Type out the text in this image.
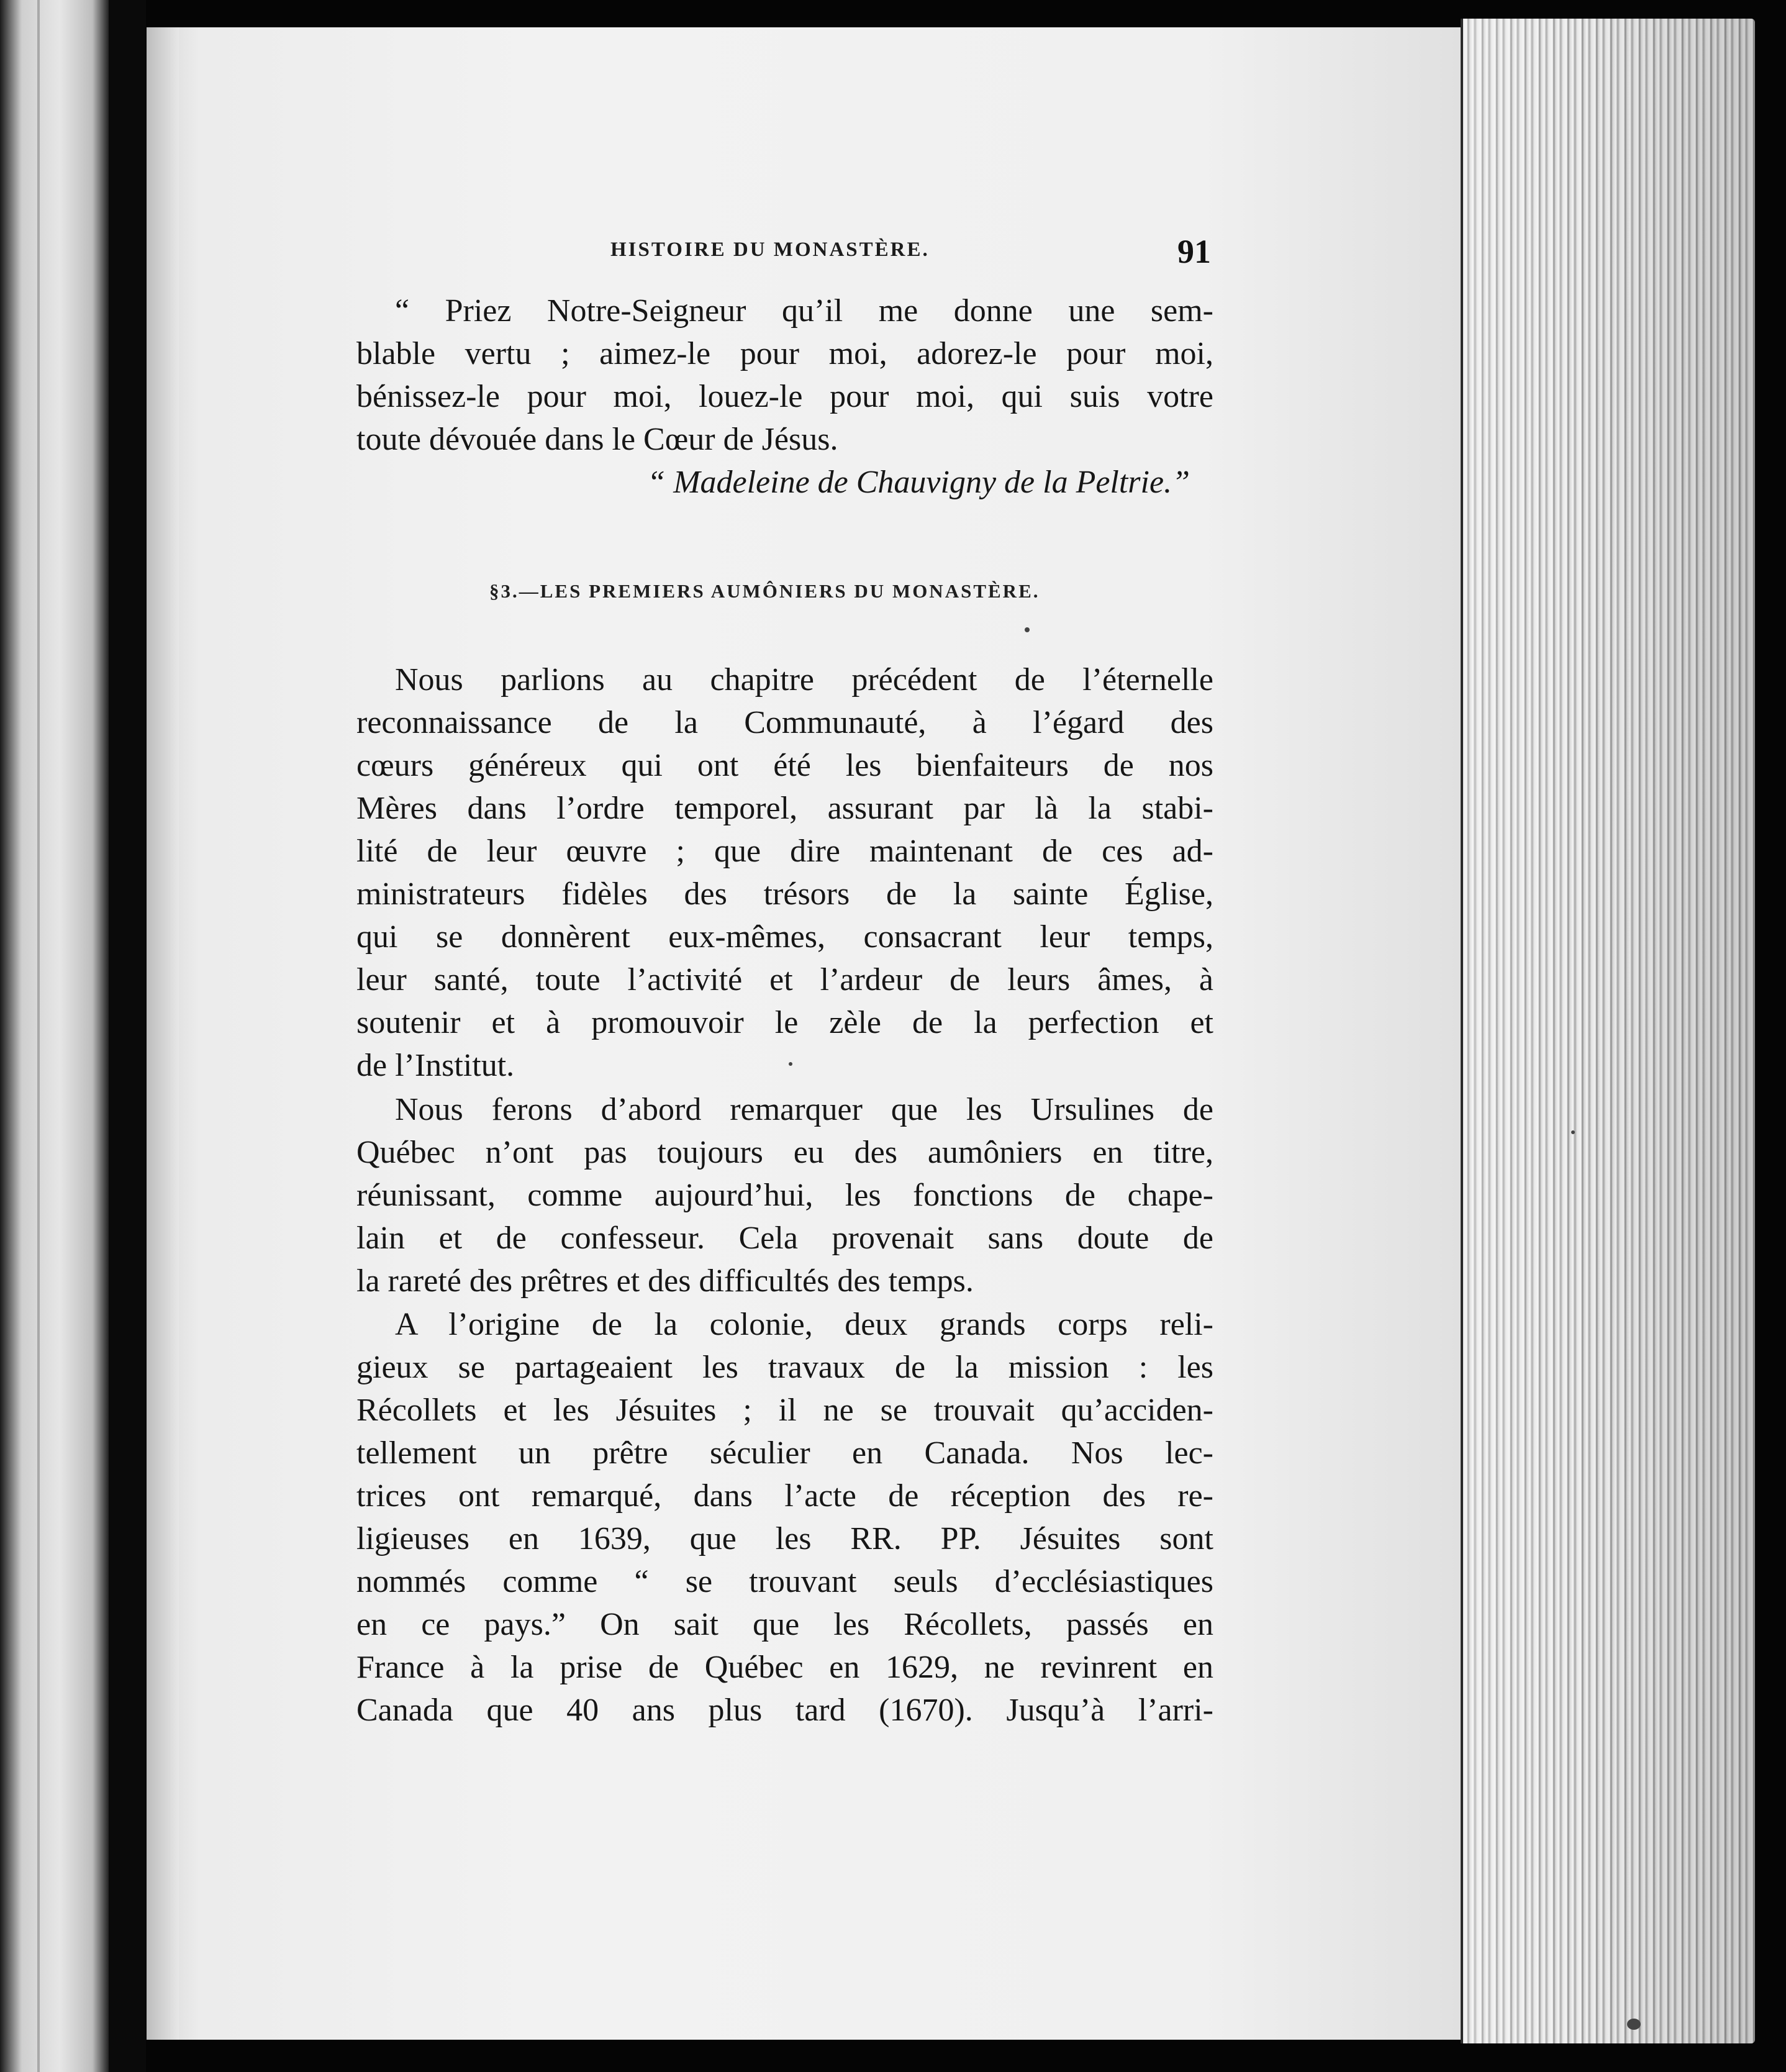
HISTOIRE DU MONASTÈRE.	91
“ Priez Notre-Seigneur qu’il me donne une sem-
blable vertu ; aimez-le pour moi, adorez-le pour moi,
bénissez-le pour moi, louez-le pour moi, qui suis votre
toute dévouée dans le Cœur de Jésus.
“ Madeleine de Chauvigny de la Peltrie.”
§3.—LES PREMIERS AUMÔNIERS DU MONASTÈRE.
Nous parlions au chapitre précédent de l’éternelle
reconnaissance de la Communauté, à l’égard des
cœurs généreux qui ont été les bienfaiteurs de nos
Mères dans l’ordre temporel, assurant par là la stabi-
lité de leur œuvre ; que dire maintenant de ces ad-
ministrateurs fidèles des trésors de la sainte Église,
qui se donnèrent eux-mêmes, consacrant leur temps,
leur santé, toute l’activité et l’ardeur de leurs âmes, à
soutenir et à promouvoir le zèle de la perfection et
de l’Institut.
Nous ferons d’abord remarquer que les Ursulines de
Québec n’ont pas toujours eu des aumôniers en titre,
réunissant, comme aujourd’hui, les fonctions de chape-
lain et de confesseur. Cela provenait sans doute de
la rareté des prêtres et des difficultés des temps.
A l’origine de la colonie, deux grands corps reli-
gieux se partageaient les travaux de la mission : les
Récollets et les Jésuites ; il ne se trouvait qu’acciden-
tellement un prêtre séculier en Canada. Nos lec-
trices ont remarqué, dans l’acte de réception des re-
ligieuses en 1639, que les RR. PP. Jésuites sont
nommés comme “ se trouvant seuls d’ecclésiastiques
en ce pays.” On sait que les Récollets, passés en
France à la prise de Québec en 1629, ne revinrent en
Canada que 40 ans plus tard (1670). Jusqu’à l’arri-
